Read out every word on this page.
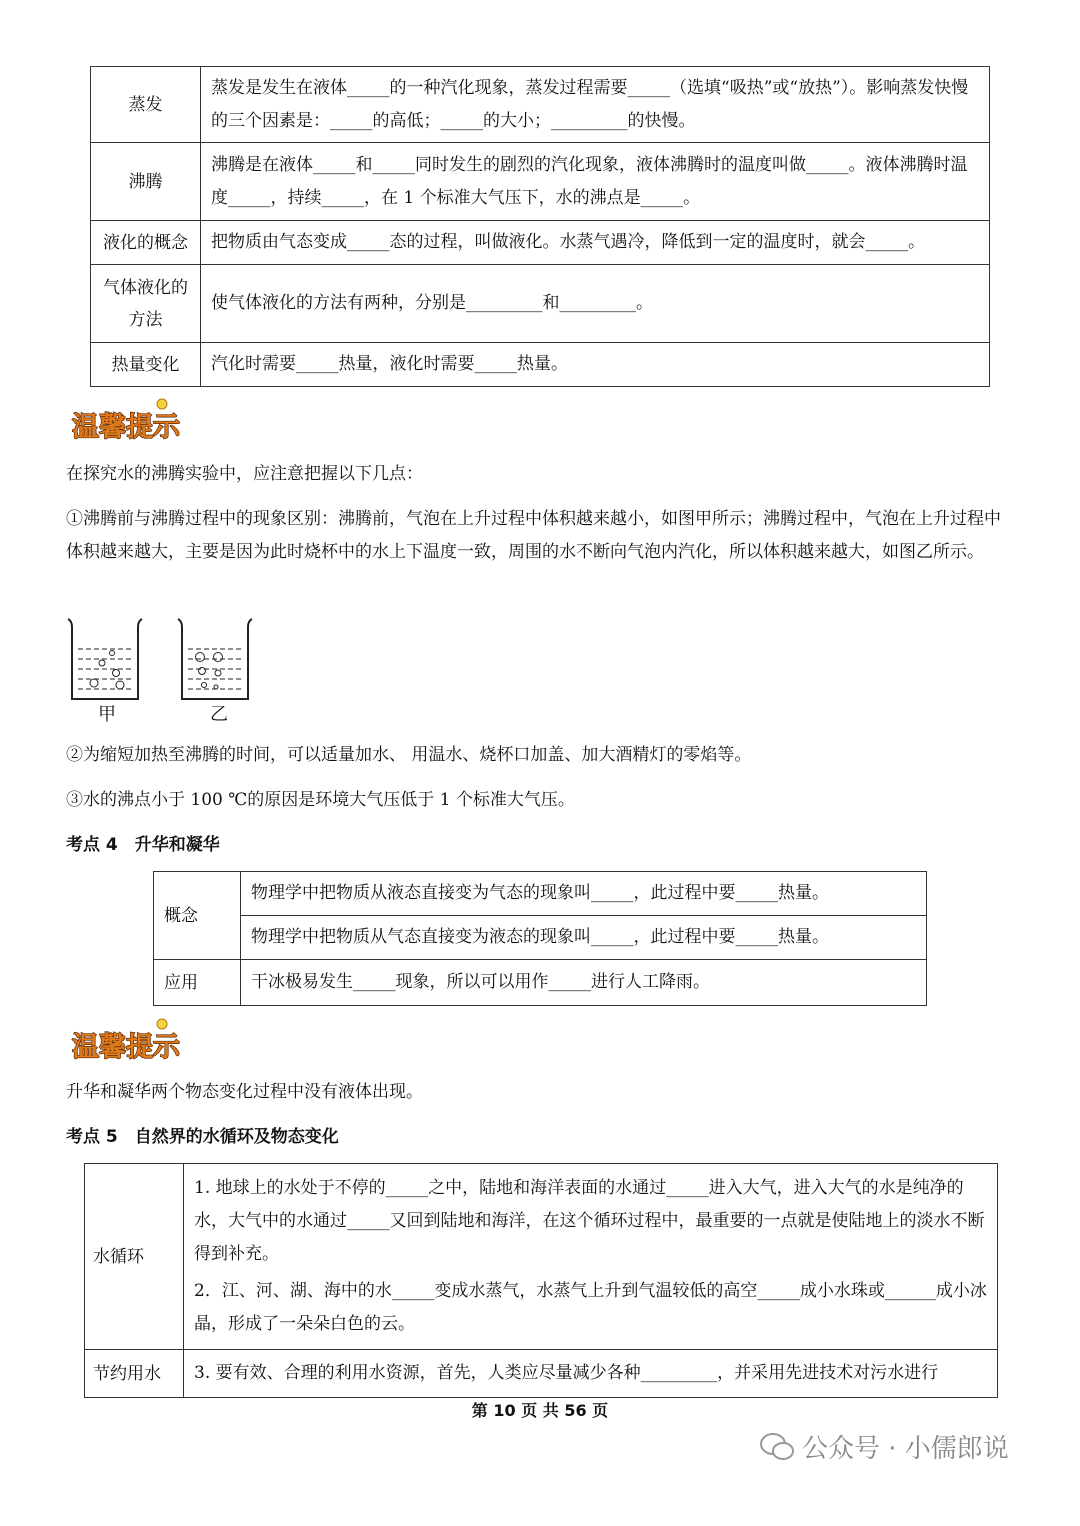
蒸发	蒸发是发生在液体_____的一种汽化现象，蒸发过程需要_____（选填“吸热”或“放热”）。影响蒸发快慢的三个因素是：_____的高低；_____的大小；_________的快慢。
沸腾	沸腾是在液体_____和_____同时发生的剧烈的汽化现象，液体沸腾时的温度叫做_____。液体沸腾时温度_____，持续_____，在 1 个标准大气压下，水的沸点是_____。
液化的概念	把物质由气态变成_____态的过程，叫做液化。水蒸气遇冷，降低到一定的温度时，就会_____。
气体液化的方法	使气体液化的方法有两种，分别是_________和_________。
热量变化	汽化时需要_____热量，液化时需要_____热量。
温馨提示

在探究水的沸腾实验中，应注意把握以下几点：

①沸腾前与沸腾过程中的现象区别：沸腾前，气泡在上升过程中体积越来越小，如图甲所示；沸腾过程中，气泡在上升过程中体积越来越大，主要是因为此时烧杯中的水上下温度一致，周围的水不断向气泡内汽化，所以体积越来越大，如图乙所示。

甲	乙

②为缩短加热至沸腾的时间，可以适量加水、 用温水、烧杯口加盖、加大酒精灯的零焰等。

③水的沸点小于 100 ℃的原因是环境大气压低于 1 个标准大气压。

考点 4　升华和凝华

概念	物理学中把物质从液态直接变为气态的现象叫_____，此过程中要_____热量。
	物理学中把物质从气态直接变为液态的现象叫_____，此过程中要_____热量。
应用	干冰极易发生_____现象，所以可以用作_____进行人工降雨。
温馨提示

升华和凝华两个物态变化过程中没有液体出现。

考点 5　自然界的水循环及物态变化

水循环	1. 地球上的水处于不停的_____之中，陆地和海洋表面的水通过_____进入大气，进入大气的水是纯净的水，大气中的水通过_____又回到陆地和海洋，在这个循环过程中，最重要的一点就是使陆地上的淡水不断得到补充。

2．江、河、湖、海中的水_____变成水蒸气，水蒸气上升到气温较低的高空_____成小水珠或______成小冰晶，形成了一朵朵白色的云。

节约用水	3. 要有效、合理的利用水资源，首先，人类应尽量减少各种_________，并采用先进技术对污水进行
第 10 页 共 56 页
公众号 · 小儒郎说
